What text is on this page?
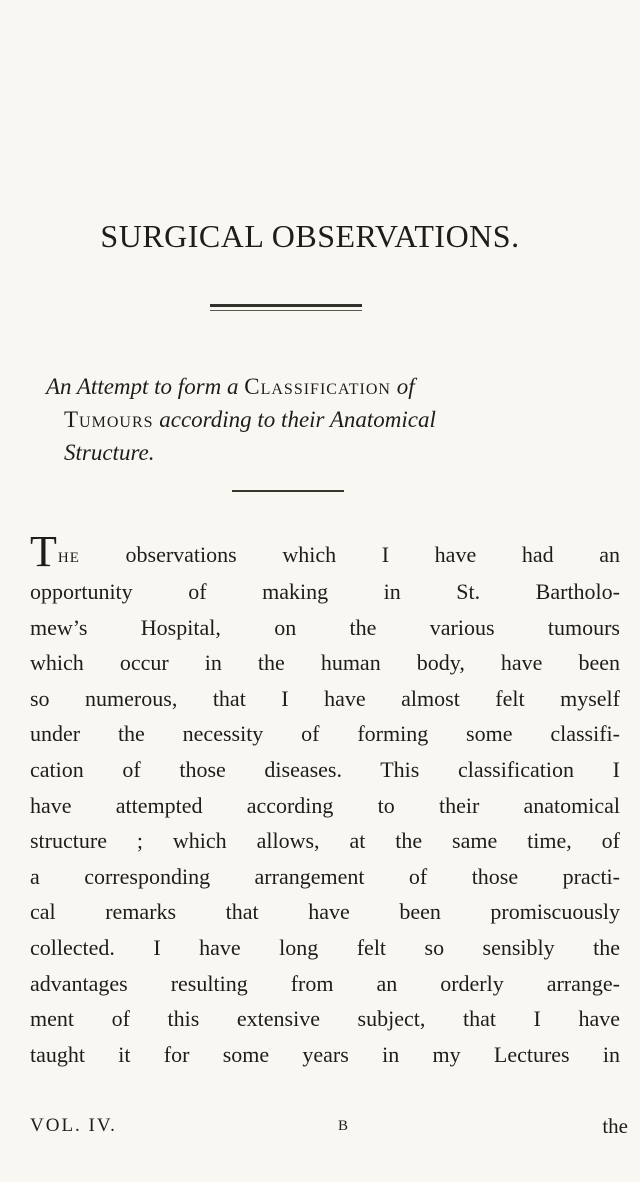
SURGICAL OBSERVATIONS.
An Attempt to form a Classification of
Tumours according to their Anatomical
Structure.
The observations which I have had an
opportunity of making in St. Bartholo-
mew’s Hospital, on the various tumours
which occur in the human body, have been
so numerous, that I have almost felt myself
under the necessity of forming some classifi-
cation of those diseases. This classification I
have attempted according to their anatomical
structure ; which allows, at the same time, of
a corresponding arrangement of those practi-
cal remarks that have been promiscuously
collected. I have long felt so sensibly the
advantages resulting from an orderly arrange-
ment of this extensive subject, that I have
taught it for some years in my Lectures in
VOL. IV.	B	the
